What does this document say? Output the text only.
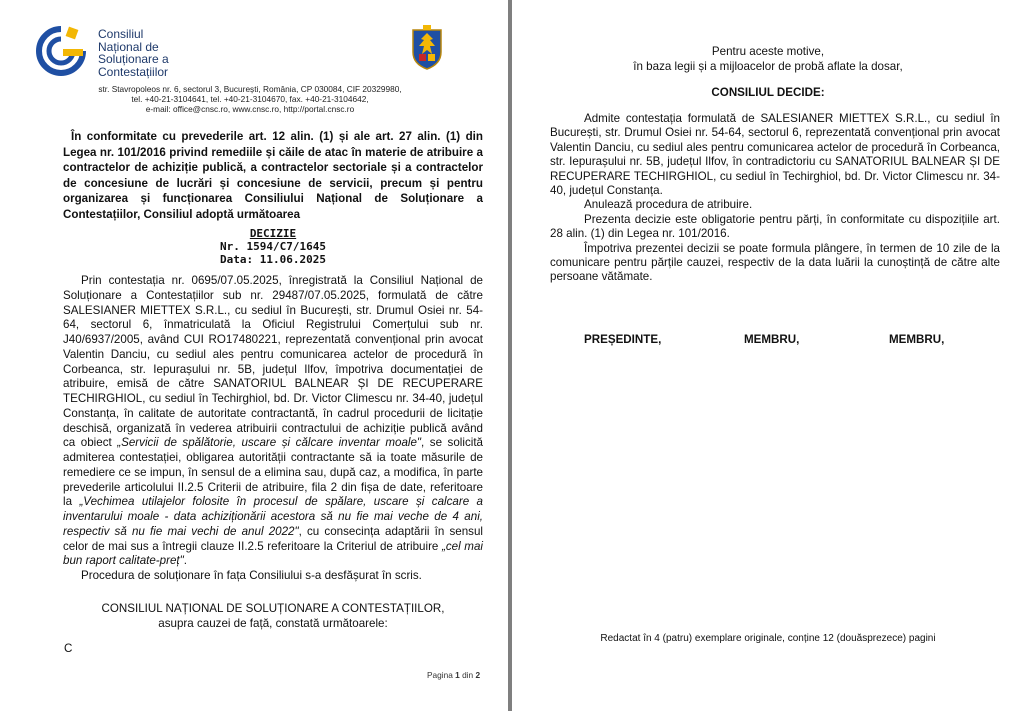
Consiliul
Național de
Soluționare a
Contestațiilor
str. Stavropoleos nr. 6, sectorul 3, București, România, CP 030084, CIF 20329980,
tel. +40-21-3104641, tel. +40-21-3104670, fax. +40-21-3104642,
e-mail: office@cnsc.ro, www.cnsc.ro, http://portal.cnsc.ro
În conformitate cu prevederile art. 12 alin. (1) și ale art. 27 alin. (1) din Legea nr. 101/2016 privind remediile și căile de atac în materie de atribuire a contractelor de achiziție publică, a contractelor sectoriale și a contractelor de concesiune de lucrări și concesiune de servicii, precum și pentru organizarea și funcționarea Consiliului Național de Soluționare a Contestațiilor, Consiliul adoptă următoarea
DECIZIE
Nr. 1594/C7/1645
Data: 11.06.2025

Prin contestația nr. 0695/07.05.2025, înregistrată la Consiliul Național de Soluționare a Contestațiilor sub nr. 29487/07.05.2025, formulată de către SALESIANER MIETTEX S.R.L., cu sediul în București, str. Drumul Osiei nr. 54-64, sectorul 6, înmatriculată la Oficiul Registrului Comerțului sub nr. J40/6937/2005, având CUI RO17480221, reprezentată convențional prin avocat Valentin Danciu, cu sediul ales pentru comunicarea actelor de procedură în Corbeanca, str. Iepurașului nr. 5B, județul Ilfov, împotriva documentației de atribuire, emisă de către SANATORIUL BALNEAR ȘI DE RECUPERARE TECHIRGHIOL, cu sediul în Techirghiol, bd. Dr. Victor Climescu nr. 34-40, județul Constanța, în calitate de autoritate contractantă, în cadrul procedurii de licitație deschisă, organizată în vederea atribuirii contractului de achiziție publică având ca obiect „Servicii de spălătorie, uscare și călcare inventar moale", se solicită admiterea contestației, obligarea autorității contractante să ia toate măsurile de remediere ce se impun, în sensul de a elimina sau, după caz, a modifica, în parte prevederile articolului II.2.5 Criterii de atribuire, fila 2 din fișa de date, referitoare la „Vechimea utilajelor folosite în procesul de spălare, uscare și calcare a inventarului moale - data achiziționării acestora să nu fie mai veche de 4 ani, respectiv să nu fie mai vechi de anul 2022", cu consecința adaptării în sensul celor de mai sus a întregii clauze II.2.5 referitoare la Criteriul de atribuire „cel mai bun raport calitate-preț".

Procedura de soluționare în fața Consiliului s-a desfășurat în scris.

CONSILIUL NAȚIONAL DE SOLUȚIONARE A CONTESTAȚIILOR,
asupra cauzei de față, constată următoarele:
C
Pagina 1 din 2
Pentru aceste motive,
în baza legii și a mijloacelor de probă aflate la dosar,
CONSILIUL DECIDE:

Admite contestația formulată de SALESIANER MIETTEX S.R.L., cu sediul în București, str. Drumul Osiei nr. 54-64, sectorul 6, reprezentată convențional prin avocat Valentin Danciu, cu sediul ales pentru comunicarea actelor de procedură în Corbeanca, str. Iepurașului nr. 5B, județul Ilfov, în contradictoriu cu SANATORIUL BALNEAR ȘI DE RECUPERARE TECHIRGHIOL, cu sediul în Techirghiol, bd. Dr. Victor Climescu nr. 34-40, județul Constanța.

Anulează procedura de atribuire.

Prezenta decizie este obligatorie pentru părți, în conformitate cu dispozițiile art. 28 alin. (1) din Legea nr. 101/2016.

Împotriva prezentei decizii se poate formula plângere, în termen de 10 zile de la comunicare pentru părțile cauzei, respectiv de la data luării la cunoștință de către alte persoane vătămate.

PREȘEDINTE,	MEMBRU,	MEMBRU,
Redactat în 4 (patru) exemplare originale, conține 12 (douăsprezece) pagini
